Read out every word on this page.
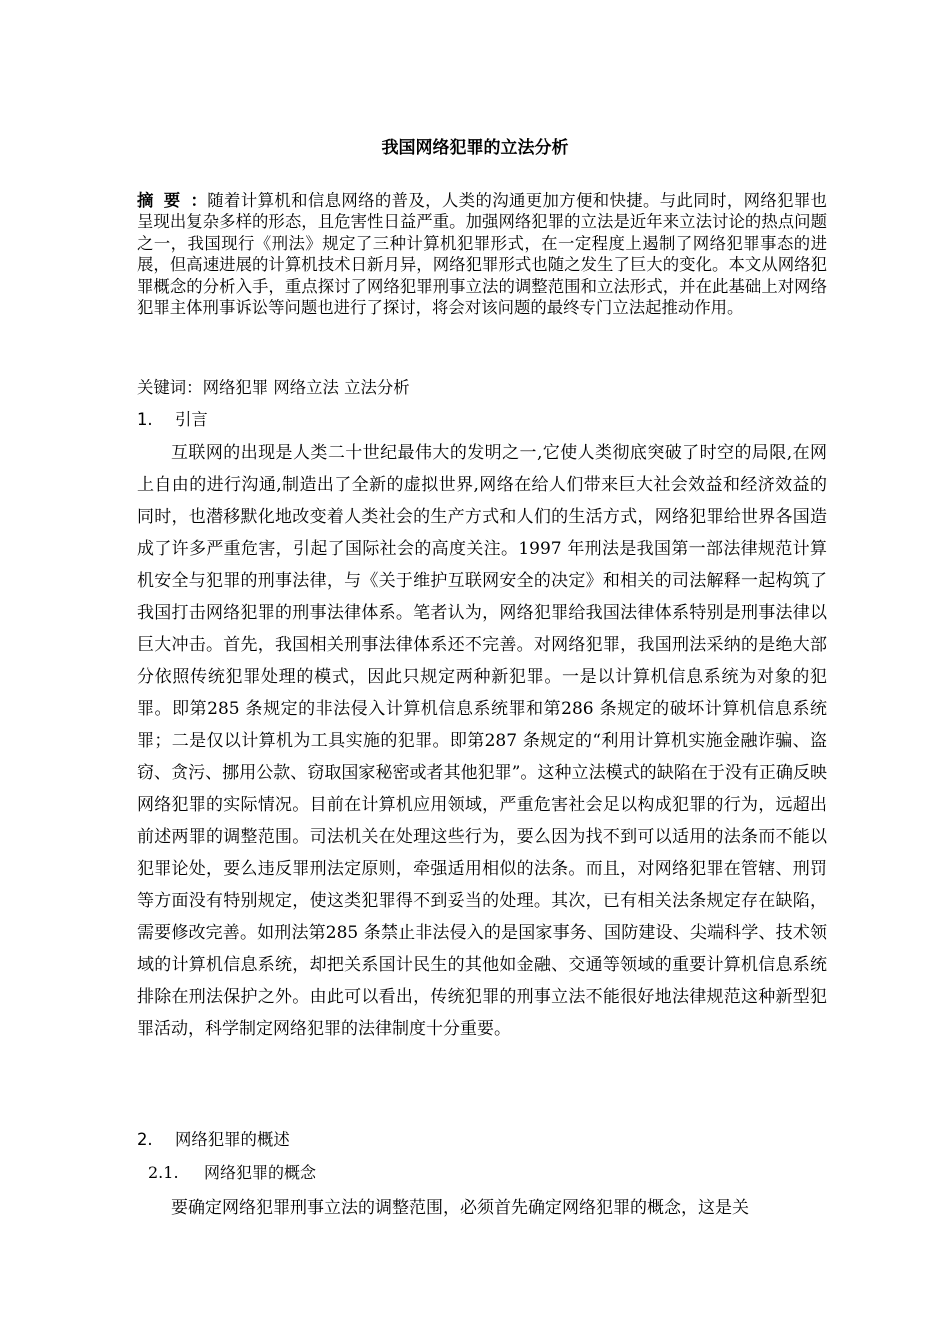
我国网络犯罪的立法分析
摘要：随着计算机和信息网络的普及，人类的沟通更加方便和快捷。与此同时，网络犯罪也呈现出复杂多样的形态，且危害性日益严重。加强网络犯罪的立法是近年来立法讨论的热点问题之一，我国现行《刑法》规定了三种计算机犯罪形式，在一定程度上遏制了网络犯罪事态的进展，但高速进展的计算机技术日新月异，网络犯罪形式也随之发生了巨大的变化。本文从网络犯罪概念的分析入手，重点探讨了网络犯罪刑事立法的调整范围和立法形式，并在此基础上对网络犯罪主体刑事诉讼等问题也进行了探讨，将会对该问题的最终专门立法起推动作用。
关键词：网络犯罪 网络立法 立法分析
1. 引言
互联网的出现是人类二十世纪最伟大的发明之一,它使人类彻底突破了时空的局限,在网上自由的进行沟通,制造出了全新的虚拟世界,网络在给人们带来巨大社会效益和经济效益的同时，也潜移默化地改变着人类社会的生产方式和人们的生活方式，网络犯罪给世界各国造成了许多严重危害，引起了国际社会的高度关注。1997 年刑法是我国第一部法律规范计算机安全与犯罪的刑事法律，与《关于维护互联网安全的决定》和相关的司法解释一起构筑了我国打击网络犯罪的刑事法律体系。笔者认为，网络犯罪给我国法律体系特别是刑事法律以巨大冲击。首先，我国相关刑事法律体系还不完善。对网络犯罪，我国刑法采纳的是绝大部分依照传统犯罪处理的模式，因此只规定两种新犯罪。一是以计算机信息系统为对象的犯罪。即第285 条规定的非法侵入计算机信息系统罪和第286 条规定的破坏计算机信息系统罪；二是仅以计算机为工具实施的犯罪。即第287 条规定的“利用计算机实施金融诈骗、盗窃、贪污、挪用公款、窃取国家秘密或者其他犯罪”。这种立法模式的缺陷在于没有正确反映网络犯罪的实际情况。目前在计算机应用领域，严重危害社会足以构成犯罪的行为，远超出前述两罪的调整范围。司法机关在处理这些行为，要么因为找不到可以适用的法条而不能以犯罪论处，要么违反罪刑法定原则，牵强适用相似的法条。而且，对网络犯罪在管辖、刑罚等方面没有特别规定，使这类犯罪得不到妥当的处理。其次，已有相关法条规定存在缺陷，需要修改完善。如刑法第285 条禁止非法侵入的是国家事务、国防建设、尖端科学、技术领域的计算机信息系统，却把关系国计民生的其他如金融、交通等领域的重要计算机信息系统排除在刑法保护之外。由此可以看出，传统犯罪的刑事立法不能很好地法律规范这种新型犯罪活动，科学制定网络犯罪的法律制度十分重要。
2. 网络犯罪的概述
2.1. 网络犯罪的概念
要确定网络犯罪刑事立法的调整范围，必须首先确定网络犯罪的概念，这是关
